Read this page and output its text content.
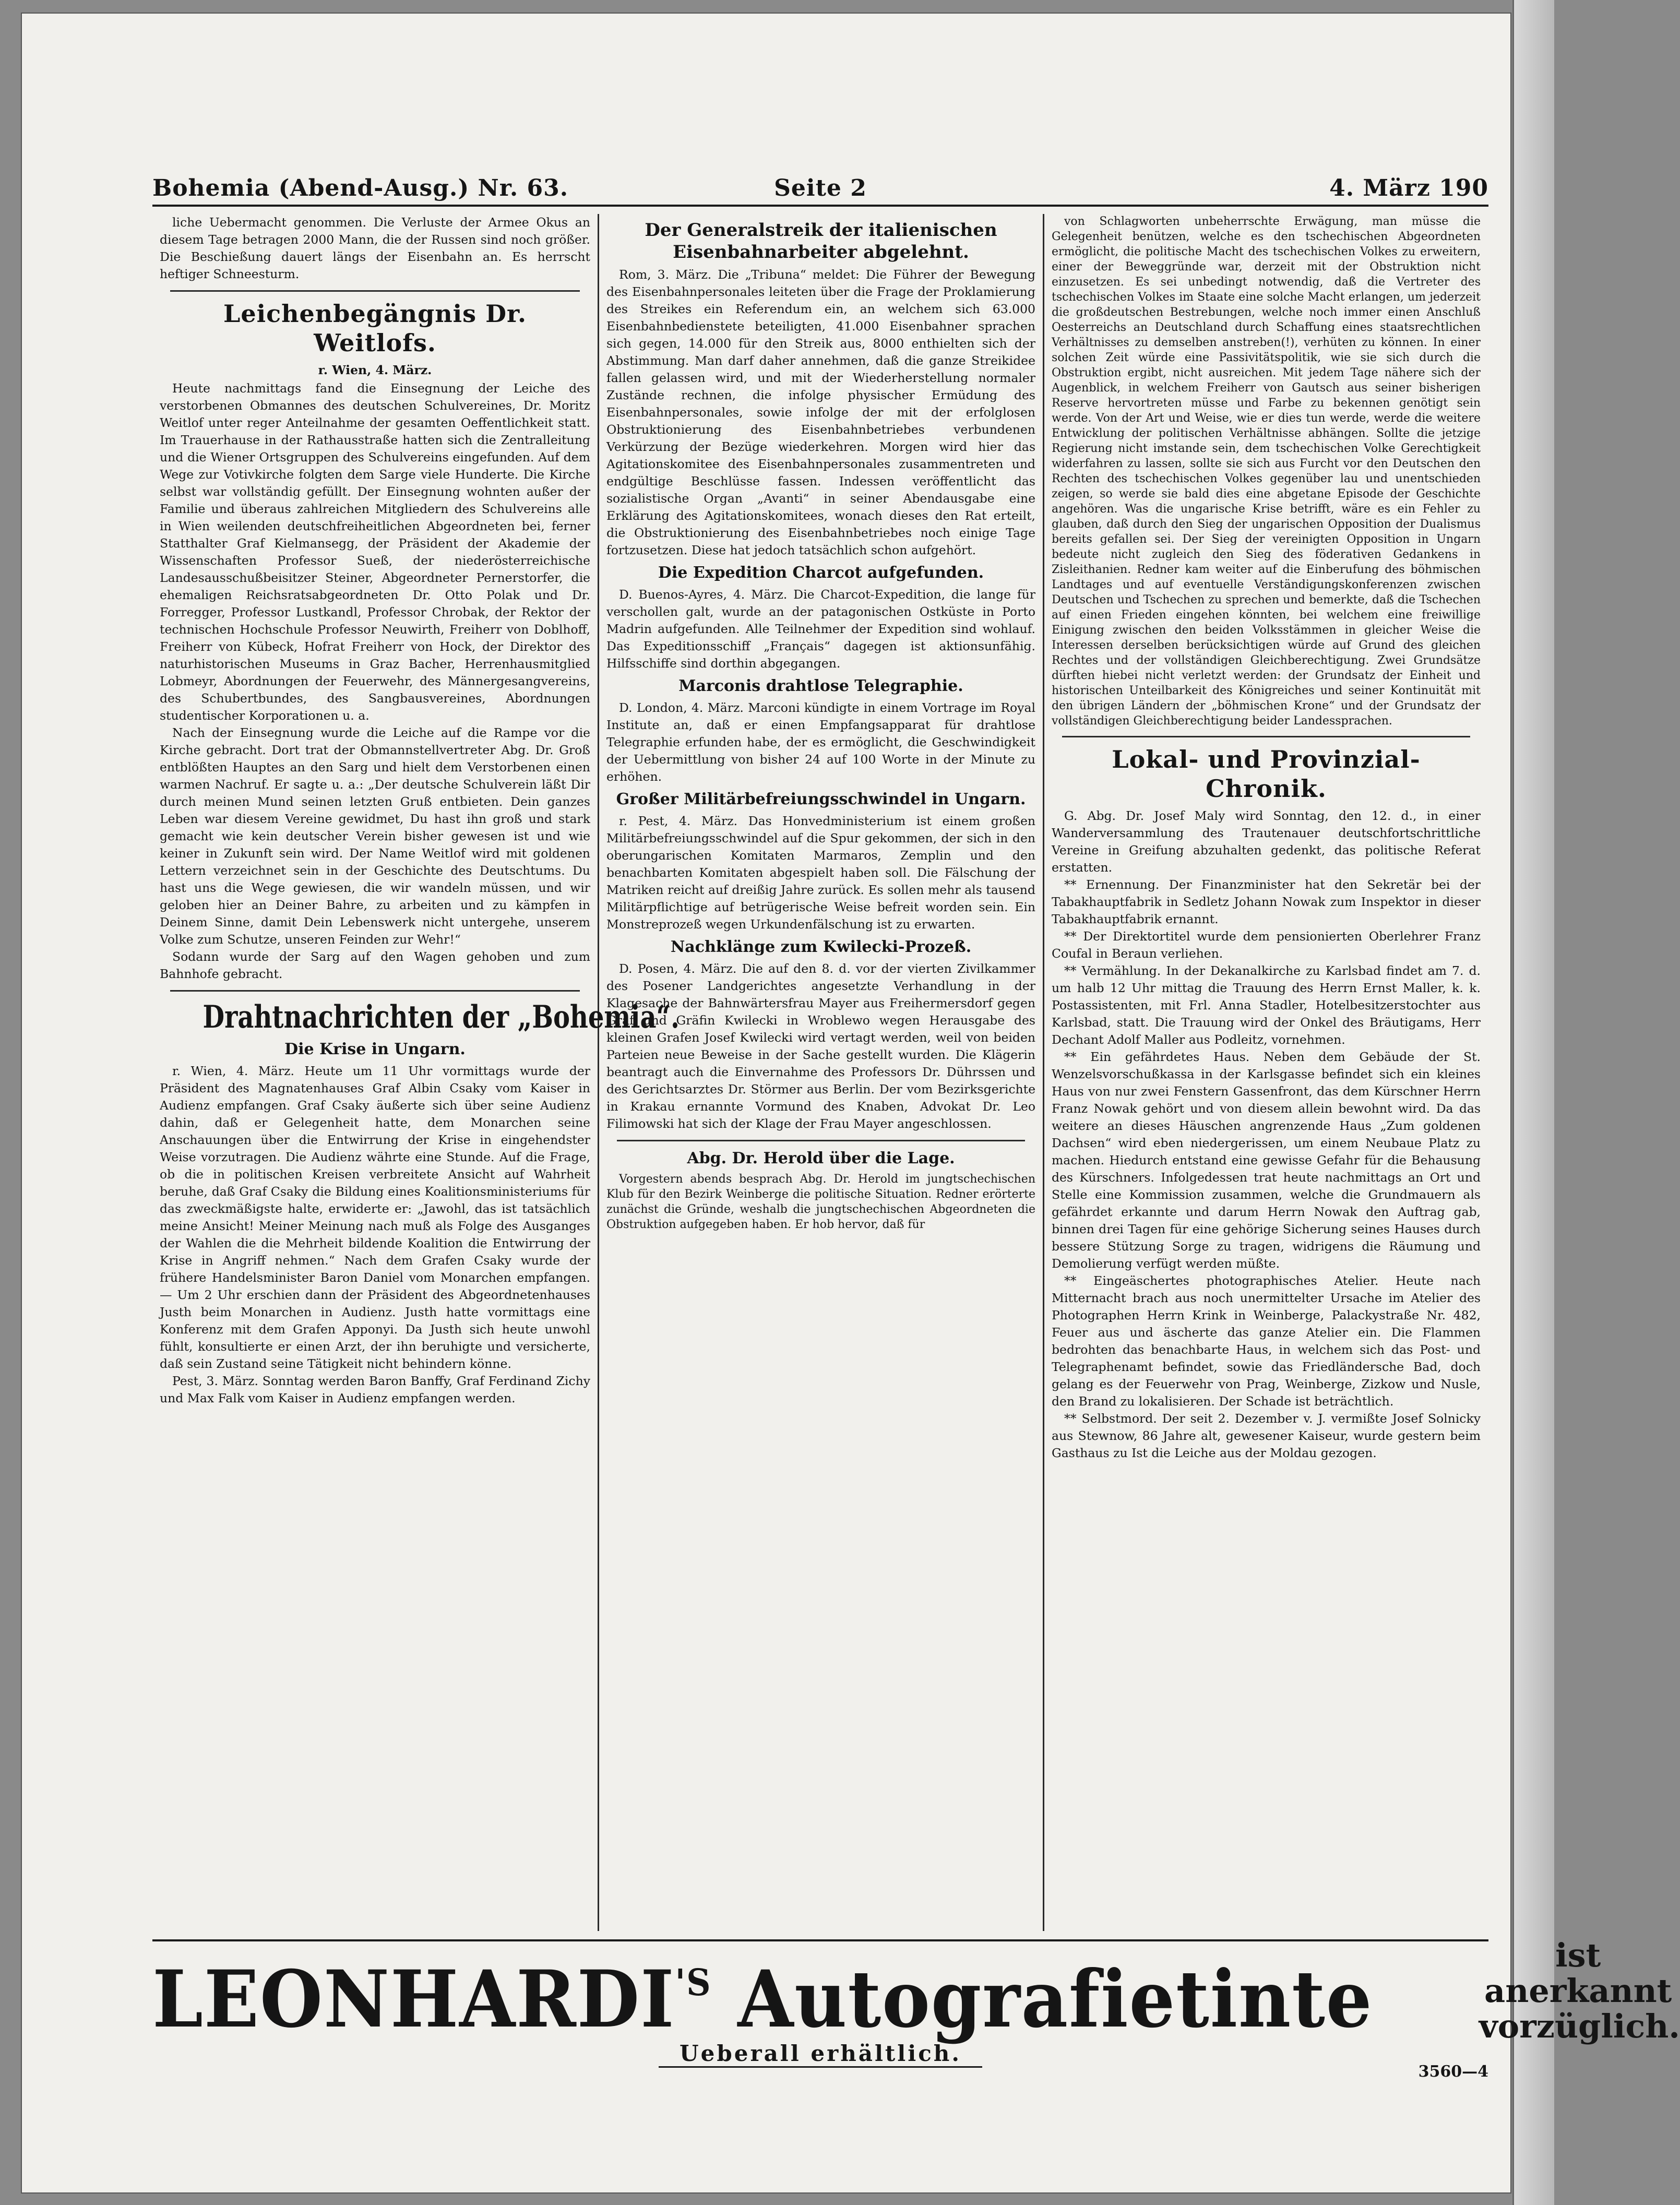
Bohemia (Abend-Ausg.) Nr. 63.	Seite 2	4. März 190

liche Uebermacht genommen. Die Verluste der Armee Okus an diesem Tage betragen 2000 Mann, die der Russen sind noch größer. Die Beschießung dauert längs der Eisenbahn an. Es herrscht heftiger Schneesturm.

Leichenbegängnis Dr. Weitlofs.
r. Wien, 4. März.

Heute nachmittags fand die Einsegnung der Leiche des verstorbenen Obmannes des deutschen Schulvereines, Dr. Moritz Weitlof unter reger Anteilnahme der gesamten Oeffentlichkeit statt. Im Trauerhause in der Rathausstraße hatten sich die Zentralleitung und die Wiener Ortsgruppen des Schulvereins eingefunden. Auf dem Wege zur Votivkirche folgten dem Sarge viele Hunderte. Die Kirche selbst war vollständig gefüllt. Der Einsegnung wohnten außer der Familie und überaus zahlreichen Mitgliedern des Schulvereins alle in Wien weilenden deutschfreiheitlichen Abgeordneten bei, ferner Statthalter Graf Kielmansegg, der Präsident der Akademie der Wissenschaften Professor Sueß, der niederösterreichische Landesausschußbeisitzer Steiner, Abgeordneter Pernerstorfer, die ehemaligen Reichsratsabgeordneten Dr. Otto Polak und Dr. Forregger, Professor Lustkandl, Professor Chrobak, der Rektor der technischen Hochschule Professor Neuwirth, Freiherr von Doblhoff, Freiherr von Kübeck, Hofrat Freiherr von Hock, der Direktor des naturhistorischen Museums in Graz Bacher, Herrenhausmitglied Lobmeyr, Abordnungen der Feuerwehr, des Männergesangvereins, des Schubertbundes, des Sangbausvereines, Abordnungen studentischer Korporationen u. a.

Nach der Einsegnung wurde die Leiche auf die Rampe vor die Kirche gebracht. Dort trat der Obmannstellvertreter Abg. Dr. Groß entblößten Hauptes an den Sarg und hielt dem Verstorbenen einen warmen Nachruf. Er sagte u. a.: „Der deutsche Schulverein läßt Dir durch meinen Mund seinen letzten Gruß entbieten. Dein ganzes Leben war diesem Vereine gewidmet, Du hast ihn groß und stark gemacht wie kein deutscher Verein bisher gewesen ist und wie keiner in Zukunft sein wird. Der Name Weitlof wird mit goldenen Lettern verzeichnet sein in der Geschichte des Deutschtums. Du hast uns die Wege gewiesen, die wir wandeln müssen, und wir geloben hier an Deiner Bahre, zu arbeiten und zu kämpfen in Deinem Sinne, damit Dein Lebenswerk nicht untergehe, unserem Volke zum Schutze, unseren Feinden zur Wehr!“

Sodann wurde der Sarg auf den Wagen gehoben und zum Bahnhofe gebracht.

Drahtnachrichten der „Bohemia“.
Die Krise in Ungarn.

r. Wien, 4. März. Heute um 11 Uhr vormittags wurde der Präsident des Magnatenhauses Graf Albin Csaky vom Kaiser in Audienz empfangen. Graf Csaky äußerte sich über seine Audienz dahin, daß er Gelegenheit hatte, dem Monarchen seine Anschauungen über die Entwirrung der Krise in eingehendster Weise vorzutragen. Die Audienz währte eine Stunde. Auf die Frage, ob die in politischen Kreisen verbreitete Ansicht auf Wahrheit beruhe, daß Graf Csaky die Bildung eines Koalitionsministeriums für das zweckmäßigste halte, erwiderte er: „Jawohl, das ist tatsächlich meine Ansicht! Meiner Meinung nach muß als Folge des Ausganges der Wahlen die die Mehrheit bildende Koalition die Entwirrung der Krise in Angriff nehmen.“ Nach dem Grafen Csaky wurde der frühere Handelsminister Baron Daniel vom Monarchen empfangen. — Um 2 Uhr erschien dann der Präsident des Abgeordnetenhauses Justh beim Monarchen in Audienz. Justh hatte vormittags eine Konferenz mit dem Grafen Apponyi. Da Justh sich heute unwohl fühlt, konsultierte er einen Arzt, der ihn beruhigte und versicherte, daß sein Zustand seine Tätigkeit nicht behindern könne.

Pest, 3. März. Sonntag werden Baron Banffy, Graf Ferdinand Zichy und Max Falk vom Kaiser in Audienz empfangen werden.

Der Generalstreik der italienischen Eisenbahnarbeiter abgelehnt.

Rom, 3. März. Die „Tribuna“ meldet: Die Führer der Bewegung des Eisenbahnpersonales leiteten über die Frage der Proklamierung des Streikes ein Referendum ein, an welchem sich 63.000 Eisenbahnbedienstete beteiligten, 41.000 Eisenbahner sprachen sich gegen, 14.000 für den Streik aus, 8000 enthielten sich der Abstimmung. Man darf daher annehmen, daß die ganze Streikidee fallen gelassen wird, und mit der Wiederherstellung normaler Zustände rechnen, die infolge physischer Ermüdung des Eisenbahnpersonales, sowie infolge der mit der erfolglosen Obstruktionierung des Eisenbahnbetriebes verbundenen Verkürzung der Bezüge wiederkehren. Morgen wird hier das Agitationskomitee des Eisenbahnpersonales zusammentreten und endgültige Beschlüsse fassen. Indessen veröffentlicht das sozialistische Organ „Avanti“ in seiner Abendausgabe eine Erklärung des Agitationskomitees, wonach dieses den Rat erteilt, die Obstruktionierung des Eisenbahnbetriebes noch einige Tage fortzusetzen. Diese hat jedoch tatsächlich schon aufgehört.

Die Expedition Charcot aufgefunden.

D. Buenos-Ayres, 4. März. Die Charcot-Expedition, die lange für verschollen galt, wurde an der patagonischen Ostküste in Porto Madrin aufgefunden. Alle Teilnehmer der Expedition sind wohlauf. Das Expeditionsschiff „Français“ dagegen ist aktionsunfähig. Hilfsschiffe sind dorthin abgegangen.

Marconis drahtlose Telegraphie.

D. London, 4. März. Marconi kündigte in einem Vortrage im Royal Institute an, daß er einen Empfangsapparat für drahtlose Telegraphie erfunden habe, der es ermöglicht, die Geschwindigkeit der Uebermittlung von bisher 24 auf 100 Worte in der Minute zu erhöhen.

Großer Militärbefreiungsschwindel in Ungarn.

r. Pest, 4. März. Das Honvedministerium ist einem großen Militärbefreiungsschwindel auf die Spur gekommen, der sich in den oberungarischen Komitaten Marmaros, Zemplin und den benachbarten Komitaten abgespielt haben soll. Die Fälschung der Matriken reicht auf dreißig Jahre zurück. Es sollen mehr als tausend Militärpflichtige auf betrügerische Weise befreit worden sein. Ein Monstreprozeß wegen Urkundenfälschung ist zu erwarten.

Nachklänge zum Kwilecki-Prozeß.

D. Posen, 4. März. Die auf den 8. d. vor der vierten Zivilkammer des Posener Landgerichtes angesetzte Verhandlung in der Klagesache der Bahnwärtersfrau Mayer aus Freihermersdorf gegen Graf und Gräfin Kwilecki in Wroblewo wegen Herausgabe des kleinen Grafen Josef Kwilecki wird vertagt werden, weil von beiden Parteien neue Beweise in der Sache gestellt wurden. Die Klägerin beantragt auch die Einvernahme des Professors Dr. Dührssen und des Gerichtsarztes Dr. Störmer aus Berlin. Der vom Bezirksgerichte in Krakau ernannte Vormund des Knaben, Advokat Dr. Leo Filimowski hat sich der Klage der Frau Mayer angeschlossen.

Abg. Dr. Herold über die Lage.

Vorgestern abends besprach Abg. Dr. Herold im jungtschechischen Klub für den Bezirk Weinberge die politische Situation. Redner erörterte zunächst die Gründe, weshalb die jungtschechischen Abgeordneten die Obstruktion aufgegeben haben. Er hob hervor, daß für

von Schlagworten unbeherrschte Erwägung, man müsse die Gelegenheit benützen, welche es den tschechischen Abgeordneten ermöglicht, die politische Macht des tschechischen Volkes zu erweitern, einer der Beweggründe war, derzeit mit der Obstruktion nicht einzusetzen. Es sei unbedingt notwendig, daß die Vertreter des tschechischen Volkes im Staate eine solche Macht erlangen, um jederzeit die großdeutschen Bestrebungen, welche noch immer einen Anschluß Oesterreichs an Deutschland durch Schaffung eines staatsrechtlichen Verhältnisses zu demselben anstreben(!), verhüten zu können. In einer solchen Zeit würde eine Passivitätspolitik, wie sie sich durch die Obstruktion ergibt, nicht ausreichen. Mit jedem Tage nähere sich der Augenblick, in welchem Freiherr von Gautsch aus seiner bisherigen Reserve hervortreten müsse und Farbe zu bekennen genötigt sein werde. Von der Art und Weise, wie er dies tun werde, werde die weitere Entwicklung der politischen Verhältnisse abhängen. Sollte die jetzige Regierung nicht imstande sein, dem tschechischen Volke Gerechtigkeit widerfahren zu lassen, sollte sie sich aus Furcht vor den Deutschen den Rechten des tschechischen Volkes gegenüber lau und unentschieden zeigen, so werde sie bald dies eine abgetane Episode der Geschichte angehören. Was die ungarische Krise betrifft, wäre es ein Fehler zu glauben, daß durch den Sieg der ungarischen Opposition der Dualismus bereits gefallen sei. Der Sieg der vereinigten Opposition in Ungarn bedeute nicht zugleich den Sieg des föderativen Gedankens in Zisleithanien. Redner kam weiter auf die Einberufung des böhmischen Landtages und auf eventuelle Verständigungskonferenzen zwischen Deutschen und Tschechen zu sprechen und bemerkte, daß die Tschechen auf einen Frieden eingehen könnten, bei welchem eine freiwillige Einigung zwischen den beiden Volksstämmen in gleicher Weise die Interessen derselben berücksichtigen würde auf Grund des gleichen Rechtes und der vollständigen Gleichberechtigung. Zwei Grundsätze dürften hiebei nicht verletzt werden: der Grundsatz der Einheit und historischen Unteilbarkeit des Königreiches und seiner Kontinuität mit den übrigen Ländern der „böhmischen Krone“ und der Grundsatz der vollständigen Gleichberechtigung beider Landessprachen.

Lokal- und Provinzial-Chronik.

G. Abg. Dr. Josef Maly wird Sonntag, den 12. d., in einer Wanderversammlung des Trautenauer deutschfortschrittliche Vereine in Greifung abzuhalten gedenkt, das politische Referat erstatten.

** Ernennung. Der Finanzminister hat den Sekretär bei der Tabakhauptfabrik in Sedletz Johann Nowak zum Inspektor in dieser Tabakhauptfabrik ernannt.

** Der Direktortitel wurde dem pensionierten Oberlehrer Franz Coufal in Beraun verliehen.

** Vermählung. In der Dekanalkirche zu Karlsbad findet am 7. d. um halb 12 Uhr mittag die Trauung des Herrn Ernst Maller, k. k. Postassistenten, mit Frl. Anna Stadler, Hotelbesitzerstochter aus Karlsbad, statt. Die Trauung wird der Onkel des Bräutigams, Herr Dechant Adolf Maller aus Podleitz, vornehmen.

** Ein gefährdetes Haus. Neben dem Gebäude der St. Wenzelsvorschußkassa in der Karlsgasse befindet sich ein kleines Haus von nur zwei Fenstern Gassenfront, das dem Kürschner Herrn Franz Nowak gehört und von diesem allein bewohnt wird. Da das weitere an dieses Häuschen angrenzende Haus „Zum goldenen Dachsen“ wird eben niedergerissen, um einem Neubaue Platz zu machen. Hiedurch entstand eine gewisse Gefahr für die Behausung des Kürschners. Infolgedessen trat heute nachmittags an Ort und Stelle eine Kommission zusammen, welche die Grundmauern als gefährdet erkannte und darum Herrn Nowak den Auftrag gab, binnen drei Tagen für eine gehörige Sicherung seines Hauses durch bessere Stützung Sorge zu tragen, widrigens die Räumung und Demolierung verfügt werden müßte.

** Eingeäschertes photographisches Atelier. Heute nach Mitternacht brach aus noch unermittelter Ursache im Atelier des Photographen Herrn Krink in Weinberge, Palackystraße Nr. 482, Feuer aus und äscherte das ganze Atelier ein. Die Flammen bedrohten das benachbarte Haus, in welchem sich das Post- und Telegraphenamt befindet, sowie das Friedländersche Bad, doch gelang es der Feuerwehr von Prag, Weinberge, Zizkow und Nusle, den Brand zu lokalisieren. Der Schade ist beträchtlich.

** Selbstmord. Der seit 2. Dezember v. J. vermißte Josef Solnicky aus Stewnow, 86 Jahre alt, gewesener Kaiseur, wurde gestern beim Gasthaus zu Ist die Leiche aus der Moldau gezogen.

$LEONHARDI^{'S}$ Autografietinte	ist anerkannt
vorzüglich.
Ueberall erhältlich.
3560—4
